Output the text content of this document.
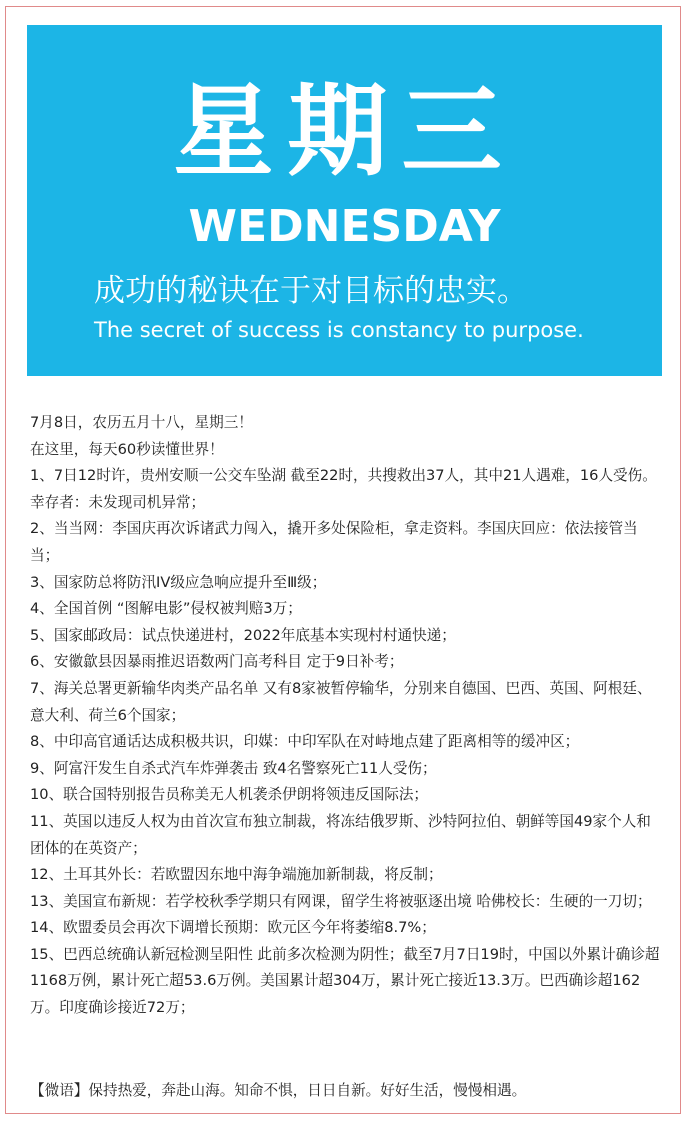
星期三
WEDNESDAY
成功的秘诀在于对目标的忠实。
The secret of success is constancy to purpose.

7月8日，农历五月十八，星期三！

在这里，每天60秒读懂世界！

1、7日12时许，贵州安顺一公交车坠湖 截至22时，共搜救出37人，其中21人遇难，16人受伤。幸存者：未发现司机异常；

2、当当网：李国庆再次诉诸武力闯入，撬开多处保险柜，拿走资料。李国庆回应：依法接管当当；

3、国家防总将防汛IV级应急响应提升至Ⅲ级；

4、全国首例 “图解电影”侵权被判赔3万；

5、国家邮政局：试点快递进村，2022年底基本实现村村通快递；

6、安徽歙县因暴雨推迟语数两门高考科目 定于9日补考；

7、海关总署更新输华肉类产品名单 又有8家被暂停输华，分别来自德国、巴西、英国、阿根廷、意大利、荷兰6个国家；

8、中印高官通话达成积极共识，印媒：中印军队在对峙地点建了距离相等的缓冲区；

9、阿富汗发生自杀式汽车炸弹袭击 致4名警察死亡11人受伤；

10、联合国特别报告员称美无人机袭杀伊朗将领违反国际法；

11、英国以违反人权为由首次宣布独立制裁，将冻结俄罗斯、沙特阿拉伯、朝鲜等国49家个人和团体的在英资产；

12、土耳其外长：若欧盟因东地中海争端施加新制裁，将反制；

13、美国宣布新规：若学校秋季学期只有网课，留学生将被驱逐出境 哈佛校长：生硬的一刀切；

14、欧盟委员会再次下调增长预期：欧元区今年将萎缩8.7%；

15、巴西总统确认新冠检测呈阳性 此前多次检测为阴性；截至7月7日19时，中国以外累计确诊超1168万例，累计死亡超53.6万例。美国累计超304万，累计死亡接近13.3万。巴西确诊超162万。印度确诊接近72万；

【微语】保持热爱，奔赴山海。知命不惧，日日自新。好好生活，慢慢相遇。
